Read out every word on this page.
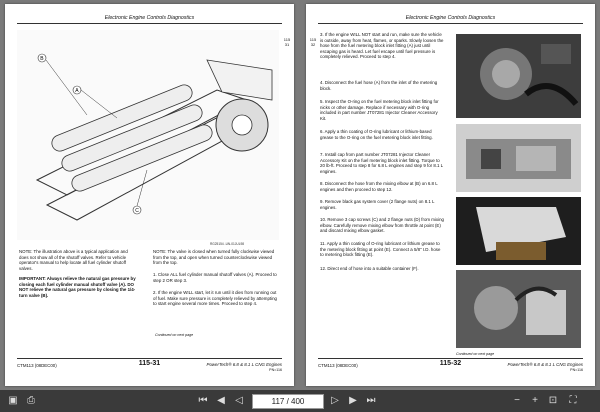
Electronic Engine Controls Diagnostics
115
31
A
B
C
RG25154 -UN-01JUL98
NOTE: The illustration above is a typical application and does not show all of the shutoff valves. Refer to vehicle operator's manual to help locate all fuel cylinder shutoff valves.
IMPORTANT: Always relieve the natural gas pressure by closing each fuel cylinder manual shutoff valve (A). DO NOT relieve the natural gas pressure by closing the 1/4-turn valve (B).
NOTE: The valve is closed when turned fully clockwise viewed from the top, and open when turned counterclockwise viewed from the top.
1. Close ALL fuel cylinder manual shutoff valves (A). Proceed to step 2 OR step 3.
2. If the engine WILL start, let it run until it dies from running out of fuel. Make sure pressure is completely relieved by attempting to start engine several more times. Proceed to step 4.
Continued on next page
CTM113 (08DEC00)	115-31	PowerTech® 6.8 & 8.1 L CNG Engines
PN=116
Electronic Engine Controls Diagnostics
115
32
3. If the engine WILL NOT start and run, make sure the vehicle is outside, away from heat, flames, or sparks. Slowly loosen the hose from the fuel metering block inlet fitting (A) just until escaping gas is heard. Let fuel escape until fuel pressure is completely relieved. Proceed to step 4.
4. Disconnect the fuel hose (A) from the inlet of the metering block.
5. Inspect the O-ring on the fuel metering block inlet fitting for nicks or other damage. Replace if necessary with O-ring included in part number JT07281 Injector Cleaner Accessory Kit.
6. Apply a thin coating of O-ring lubricant or lithium-based grease to the O-ring on the fuel metering block inlet fitting.
7. Install cap from part number JT07281 Injector Cleaner Accessory Kit on the fuel metering block inlet fitting. Torque to 20 lb-ft. Proceed to step 8 for 6.8 L engines and step 9 for 8.1 L engines.
8. Disconnect the hose from the mixing elbow at (B) on 6.8 L engines and then proceed to step 12.
9. Remove black gas system cover (2 flange nuts) on 8.1 L engines.
10. Remove 3 cap screws (C) and 2 flange nuts (D) from mixing elbow. Carefully remove mixing elbow from throttle at point (E) and discard mixing elbow gasket.
11. Apply a thin coating of O-ring lubricant or lithium grease to the metering block fitting at point (E). Connect a 5/8" I.D. hose to metering block fitting (E).
12. Direct end of hose into a suitable container (F).
Continued on next page
CTM113 (08DEC00)	115-32	PowerTech® 6.8 & 8.1 L CNG Engines
PN=116
▣ ⎙	⏮ ◀	◁	117 / 400	▷	▶ ⏭	−	+	⊡	⛶
